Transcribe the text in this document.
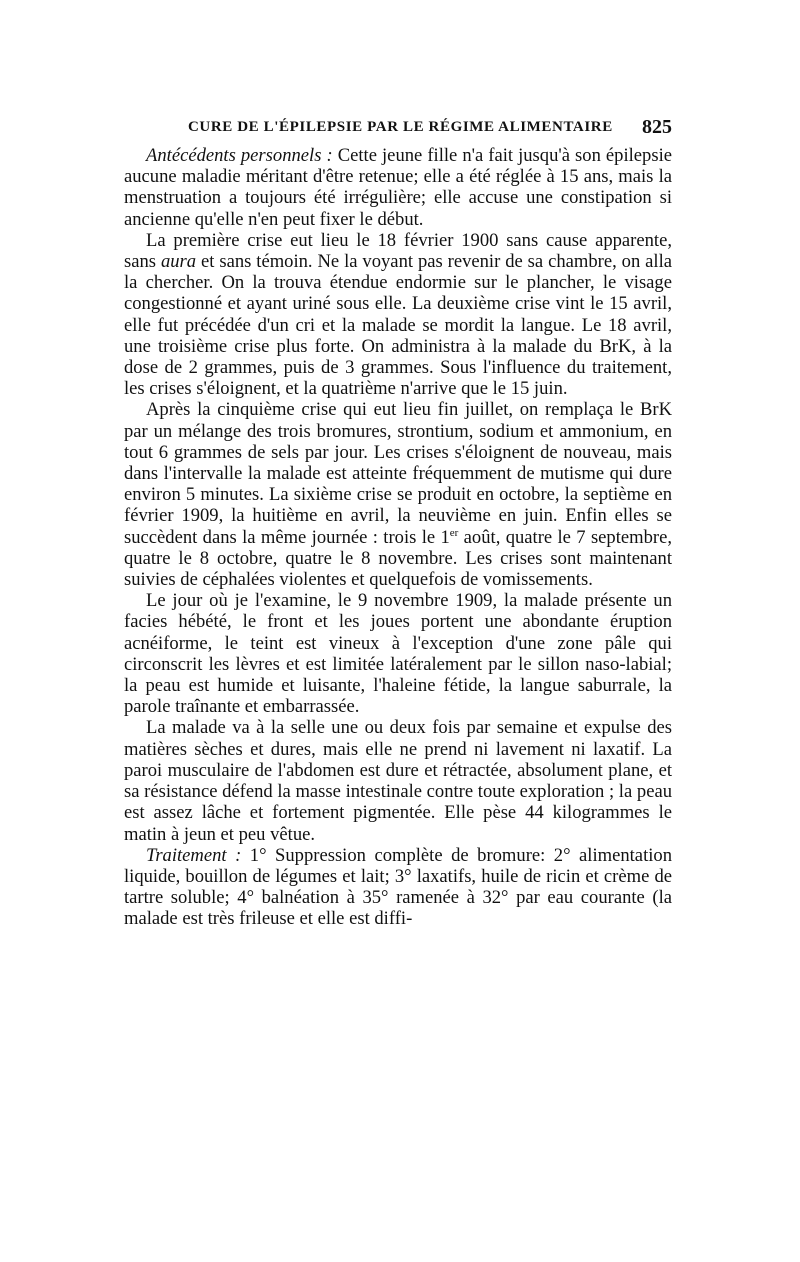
CURE DE L'ÉPILEPSIE PAR LE RÉGIME ALIMENTAIRE 825

Antécédents personnels : Cette jeune fille n'a fait jusqu'à son épilepsie aucune maladie méritant d'être retenue; elle a été réglée à 15 ans, mais la menstruation a toujours été irrégulière; elle accuse une constipation si ancienne qu'elle n'en peut fixer le début.

La première crise eut lieu le 18 février 1900 sans cause apparente, sans aura et sans témoin. Ne la voyant pas revenir de sa chambre, on alla la chercher. On la trouva étendue endormie sur le plancher, le visage congestionné et ayant uriné sous elle. La deuxième crise vint le 15 avril, elle fut précédée d'un cri et la malade se mordit la langue. Le 18 avril, une troisième crise plus forte. On administra à la malade du BrK, à la dose de 2 grammes, puis de 3 grammes. Sous l'influence du traitement, les crises s'éloignent, et la quatrième n'arrive que le 15 juin.

Après la cinquième crise qui eut lieu fin juillet, on remplaça le BrK par un mélange des trois bromures, strontium, sodium et ammonium, en tout 6 grammes de sels par jour. Les crises s'éloignent de nouveau, mais dans l'intervalle la malade est atteinte fréquemment de mutisme qui dure environ 5 minutes. La sixième crise se produit en octobre, la septième en février 1909, la huitième en avril, la neuvième en juin. Enfin elles se succèdent dans la même journée : trois le 1er août, quatre le 7 septembre, quatre le 8 octobre, quatre le 8 novembre. Les crises sont maintenant suivies de céphalées violentes et quelquefois de vomissements.

Le jour où je l'examine, le 9 novembre 1909, la malade présente un facies hébété, le front et les joues portent une abondante éruption acnéiforme, le teint est vineux à l'exception d'une zone pâle qui circonscrit les lèvres et est limitée latéralement par le sillon naso-labial; la peau est humide et luisante, l'haleine fétide, la langue saburrale, la parole traînante et embarrassée.

La malade va à la selle une ou deux fois par semaine et expulse des matières sèches et dures, mais elle ne prend ni lavement ni laxatif. La paroi musculaire de l'abdomen est dure et rétractée, absolument plane, et sa résistance défend la masse intestinale contre toute exploration ; la peau est assez lâche et fortement pigmentée. Elle pèse 44 kilogrammes le matin à jeun et peu vêtue.

Traitement : 1° Suppression complète de bromure: 2° alimentation liquide, bouillon de légumes et lait; 3° laxatifs, huile de ricin et crème de tartre soluble; 4° balnéation à 35° ramenée à 32° par eau courante (la malade est très frileuse et elle est diffi-
